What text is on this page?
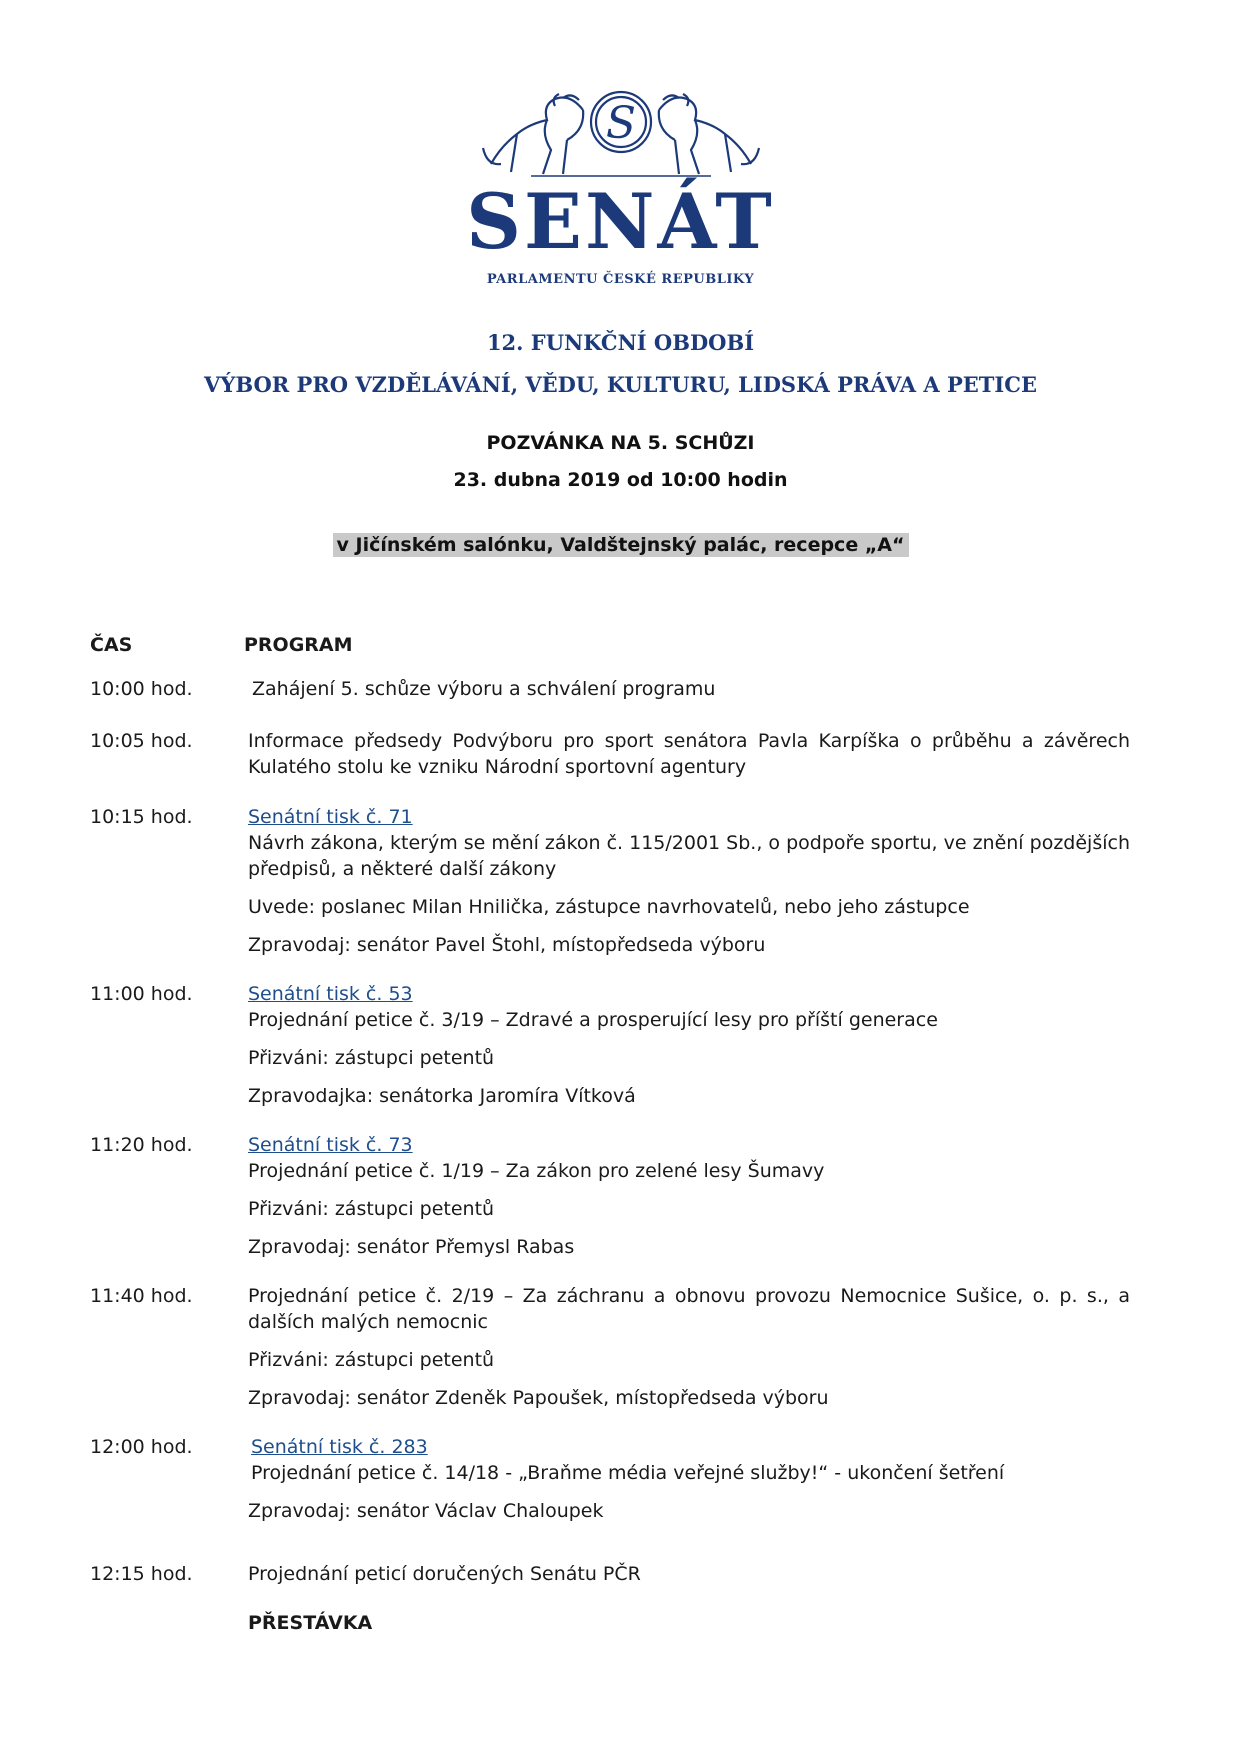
S
SENÁT
PARLAMENTU ČESKÉ REPUBLIKY
12. FUNKČNÍ OBDOBÍ
VÝBOR PRO VZDĚLÁVÁNÍ, VĚDU, KULTURU, LIDSKÁ PRÁVA A PETICE
POZVÁNKA NA 5. SCHŮZI
23. dubna 2019 od 10:00 hodin
v Jičínském salónku, Valdštejnský palác, recepce „A“
ČAS	PROGRAM
10:00 hod.	Zahájení 5. schůze výboru a schválení programu

10:05 hod.	Informace předsedy Podvýboru pro sport senátora Pavla Karpíška o průběhu a závěrech Kulatého stolu ke vzniku Národní sportovní agentury

10:15 hod.	Senátní tisk č. 71

Návrh zákona, kterým se mění zákon č. 115/2001 Sb., o podpoře sportu, ve znění pozdějších předpisů, a některé další zákony

Uvede: poslanec Milan Hnilička, zástupce navrhovatelů, nebo jeho zástupce

Zpravodaj: senátor Pavel Štohl, místopředseda výboru

11:00 hod.	Senátní tisk č. 53

Projednání petice č. 3/19 – Zdravé a prosperující lesy pro příští generace

Přizváni: zástupci petentů

Zpravodajka: senátorka Jaromíra Vítková

11:20 hod.	Senátní tisk č. 73

Projednání petice č. 1/19 – Za zákon pro zelené lesy Šumavy

Přizváni: zástupci petentů

Zpravodaj: senátor Přemysl Rabas

11:40 hod.	Projednání petice č. 2/19 – Za záchranu a obnovu provozu Nemocnice Sušice, o. p. s., a dalších malých nemocnic

Přizváni: zástupci petentů

Zpravodaj: senátor Zdeněk Papoušek, místopředseda výboru

12:00 hod.	Senátní tisk č. 283

Projednání petice č. 14/18 - „Braňme média veřejné služby!“ - ukončení šetření

Zpravodaj: senátor Václav Chaloupek

12:15 hod.	Projednání peticí doručených Senátu PČR

PŘESTÁVKA
